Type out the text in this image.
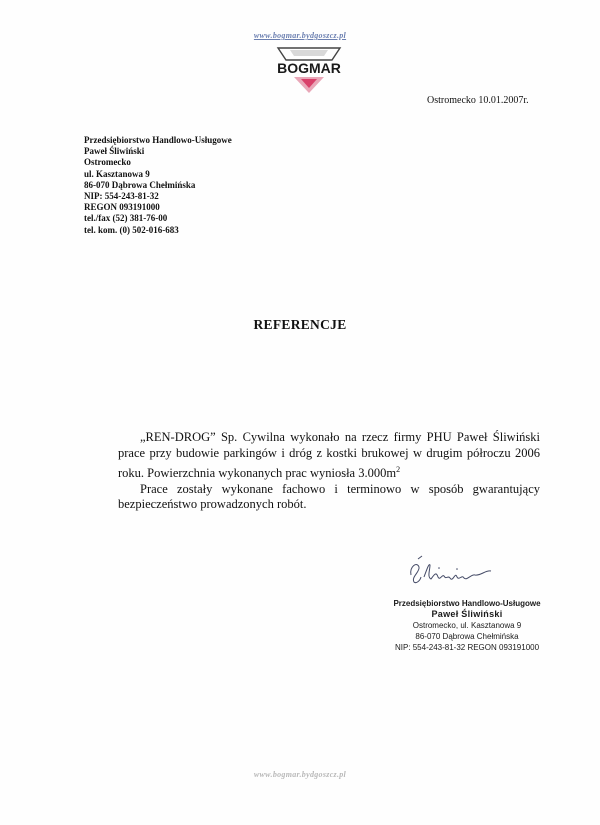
www.bogmar.bydgoszcz.pl
BOGMAR
Ostromecko 10.01.2007r.
Przedsiębiorstwo Handlowo-Usługowe
Paweł Śliwiński
Ostromecko
ul. Kasztanowa 9
86-070 Dąbrowa Chełmińska
NIP: 554-243-81-32
REGON 093191000
tel./fax (52) 381-76-00
tel. kom. (0) 502-016-683
REFERENCJE

„REN-DROG” Sp. Cywilna wykonało na rzecz firmy PHU Paweł Śliwiński prace przy budowie parkingów i dróg z kostki brukowej w drugim półroczu 2006 roku. Powierzchnia wykonanych prac wyniosła $3.000m^2$

Prace zostały wykonane fachowo i terminowo w sposób gwarantujący bezpieczeństwo prowadzonych robót.

Przedsiębiorstwo Handlowo-Usługowe
Paweł Śliwiński
Ostromecko, ul. Kasztanowa 9
86-070 Dąbrowa Chełmińska
NIP: 554-243-81-32 REGON 093191000
www.bogmar.bydgoszcz.pl
